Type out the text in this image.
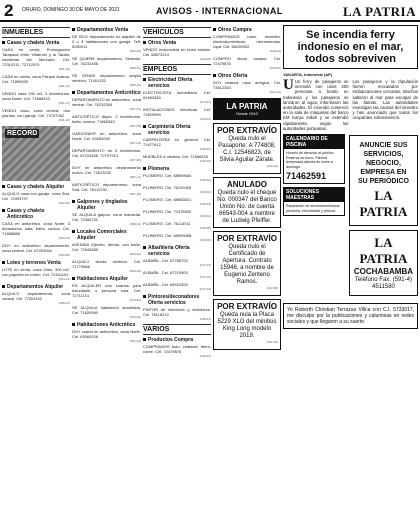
2 ORURO, DOMINGO 30 DE MAYO DE 2021	AVISOS - INTERNACIONAL	LA PATRIA
INMUEBLES
Casas y chalets Venta
CASA en venta, Prolongación Tarapacá entre Villarroel y la Tarata, escaleras del Mercado. Cel. 72310211, 72712570
(001-16)
CASA en venta, zona Parque Avaroa. Cel. 71859009
(001-21)
VENDO casa 190 m2, 3 dormitorios, zona Norte. Cel. 71888333
(001-17)
VENDO casa, zona central, dos plantas, con garaje. Cel. 73797262
(001-26)
RECORD
Casas y chalets Alquiler
ALQUILO casa con garaje, zona Sud. Cel. 72493707
(002-06)
Casas y chalets Anticrético
CASA en anticrético, zona Norte, 3 dormitorios, sala, baño, cocina. Cel. 71858888
(003-02)
DOY en anticrético departamento, zona central. Cel. 67203004
(003-05)
Lotes y terrenos Venta
LOTE en venta, zona Vinto, 300 m2, con papeles en orden. Cel. 72451101
(004-01)
Departamentos Alquiler
ALQUILO departamento, zona central. Cel. 77201192
(005-01)
Departamentos Venta
DE BCO departamento en alquiler de 2 o 3 habitaciones con garaje. Telf. 5260011
(006-02)
SE QUIERE departamento, Senkata. Cel. 76232406
(006-12)
SE VENDE departamento amplio céntrico. 71401322
(006-13)
Departamentos Anticrético
DEPARTAMENTO en anticrético, zona central. Cel. 76232304
(007-01)
ANTICRÉTICO depto. 2 dormitorios, baño, cocina. 71862940
(007-03)
GARZONIER en anticrético, zona Norte. Cel. 63264000
(007-04)
DEPARTAMENTO de 3 dormitorios. Cel. 67215406, 72707913
(007-06)
DOY en anticrético departamento nuevo. Cel. 72613232
(007-11)
ANTICRÉTICO departamento, zona Sud. Cel. 76111230
(007-15)
Galpones y tinglados Alquiler
SE ALQUILA galpón, zona industrial. Cel. 72454701
(008-01)
Locales Comerciales Alquiler
AVENIDA Ejército, tienda, con baño. Cel. 72544589
(009-02)
ALQUILO tienda céntrica. Cel. 71779586
(009-04)
Habitaciones Alquiler
EN ALQUILER dos cuartos para estudiante o persona sola. Cel. 72711101
(010-02)
SE ALQUILA habitación amoblada. Cel. 71820060
(010-06)
Habitaciones Anticrético
DOY cuarto en anticrético, zona Norte. Cel. 63060026
(011-01)
VEHÍCULOS
Otros Venta
VENDO motocicleta en buen estado. Cel. 68573214
(013-06)
EMPLEOS
Electricidad Oferta servicios
ELECTRICISTA domiciliario. Cel. 61963450
(014-01)
INSTALACIONES eléctricas. Cel. 71829990
(014-03)
Carpintería Oferta servicios
CARPINTERÍA en general. Cel. 71877612
(015-01)
MUEBLES a medida. Cel. 71898320
(015-02)
Plomería
PLOMERO. Cel. 68999060
(016-01)
PLOMERO. Cel. 76139409
(016-02)
PLOMERO. Cel. 68983021
(016-03)
PLOMERO. Cel. 72478930
(016-04)
PLOMERO. Cel. 76113011
(016-05)
PLOMERO. Cel. 68999088
(016-06)
Albañilería Oferta servicios
ALBAÑIL. Cel. 67255702
(017-01)
ALBAÑIL. Cel. 67215903
(017-02)
ALBAÑIL. Cel. 69524305
(017-03)
Pintores/decoradores Oferta servicios
PINTOR de interiores y exteriores. Cel. 76116210
(018-01)
VARIOS
Productos Compra
COMPRAMOS todo, chatarra, fierro, cobre. Cel. 72479876
(019-01)
Otros Compra
COMPRAMOS lotes, muebles, electrodomésticos, herramientas, ropa. Cel. 65200002
(020-01)
COMPRO libros usados. Cel. 72479876
(020-03)
Otros Oferta
DOY costura, ropa, arreglos. Cel. 73812340
(021-01)
LA PATRIA
Desde 1919
POR EXTRAVÍO
Queda nulo el Pasaporte: A 774808, C.I. 12546823, de Silvia Aguilar Zárate.
(022-06)
ANULADO
Queda nulo el cheque No. 000347 del Banco Unión No. de cuenta 66543-004 a nombre de Ludwig Pfeiffer.
POR EXTRAVÍO
Queda nulo el Certificado de Apertura. Contrato 15946, a nombre de Eugenio Zenteno Ramos.
(022-08)
POR EXTRAVÍO
Queda nula la Placa 5229 XLG del minibús King Long modelo 2019.
(022-10)
Se incendia ferry indonesio en el mar, todos sobreviven
YAKARTA, Indonesia (AP)

U Un ferry de pasajeros se incendió con unos 200 personas a bordo en Indonesia y los pasajeros se lanzaron al agua, informaron las autoridades. El incendio comenzó en la sala de máquinas del barco KM Karya Indah y se extendió rápidamente, según las autoridades portuarias.

Los pasajeros y la tripulación fueron rescatados por embarcaciones cercanas. Muchos saltaron al mar para escapar de las llamas. Las autoridades investigan las causas del siniestro y han anunciado que todos los ocupantes sobrevivieron.

CALENDARIO DE PISCINA
Horario de atención al público. Reserva su turno. Piscina temperada abierta de lunes a domingo.
71462591
SOLUCIONES MAESTRAS
Reparación de electrodomésticos, plomería, electricidad y pintura.
ANUNCIE SUS SERVICIOS,
NEGOCIO,
EMPRESA EN
SU PERIÓDICO
LA PATRIA
LA PATRIA
COCHABAMBA
Teléfono Fax: (591-4) 4511580
Yo Roberth Christian Terrazas Villca con C.I. 5733017, me disculpo por la publicaciones y calumnias en redes sociales y que llegaron a su suerte.
